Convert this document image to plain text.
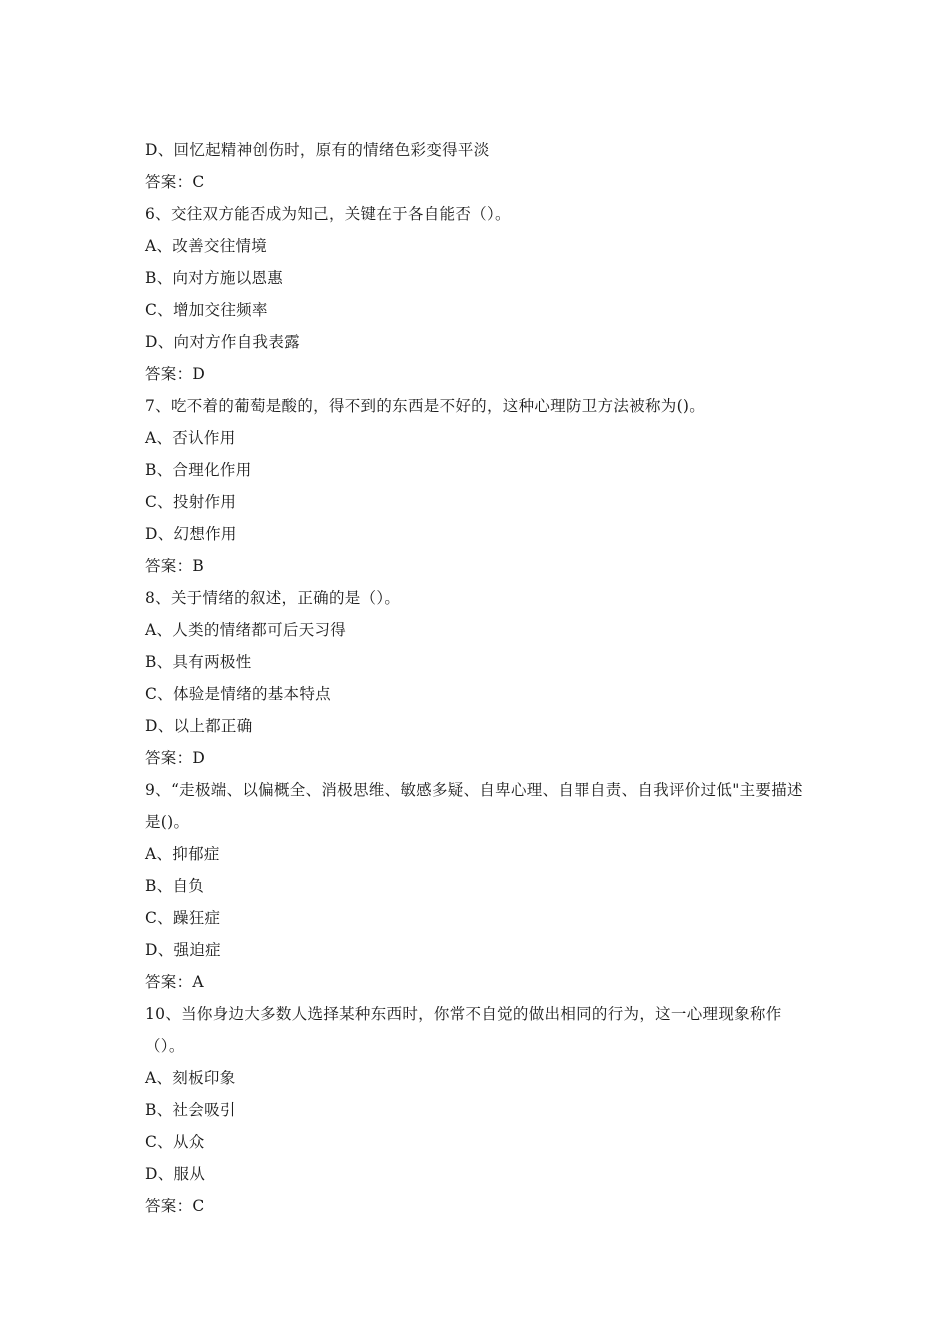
D、回忆起精神创伤时，原有的情绪色彩变得平淡
答案：C
6、交往双方能否成为知己，关键在于各自能否（）。
A、改善交往情境
B、向对方施以恩惠
C、增加交往频率
D、向对方作自我表露
答案：D
7、吃不着的葡萄是酸的，得不到的东西是不好的，这种心理防卫方法被称为()。
A、否认作用
B、合理化作用
C、投射作用
D、幻想作用
答案：B
8、关于情绪的叙述，正确的是（）。
A、人类的情绪都可后天习得
B、具有两极性
C、体验是情绪的基本特点
D、以上都正确
答案：D
9、“走极端、以偏概全、消极思维、敏感多疑、自卑心理、自罪自责、自我评价过低"主要描述
是()。
A、抑郁症
B、自负
C、躁狂症
D、强迫症
答案：A
10、当你身边大多数人选择某种东西时，你常不自觉的做出相同的行为，这一心理现象称作
（）。
A、刻板印象
B、社会吸引
C、从众
D、服从
答案：C
